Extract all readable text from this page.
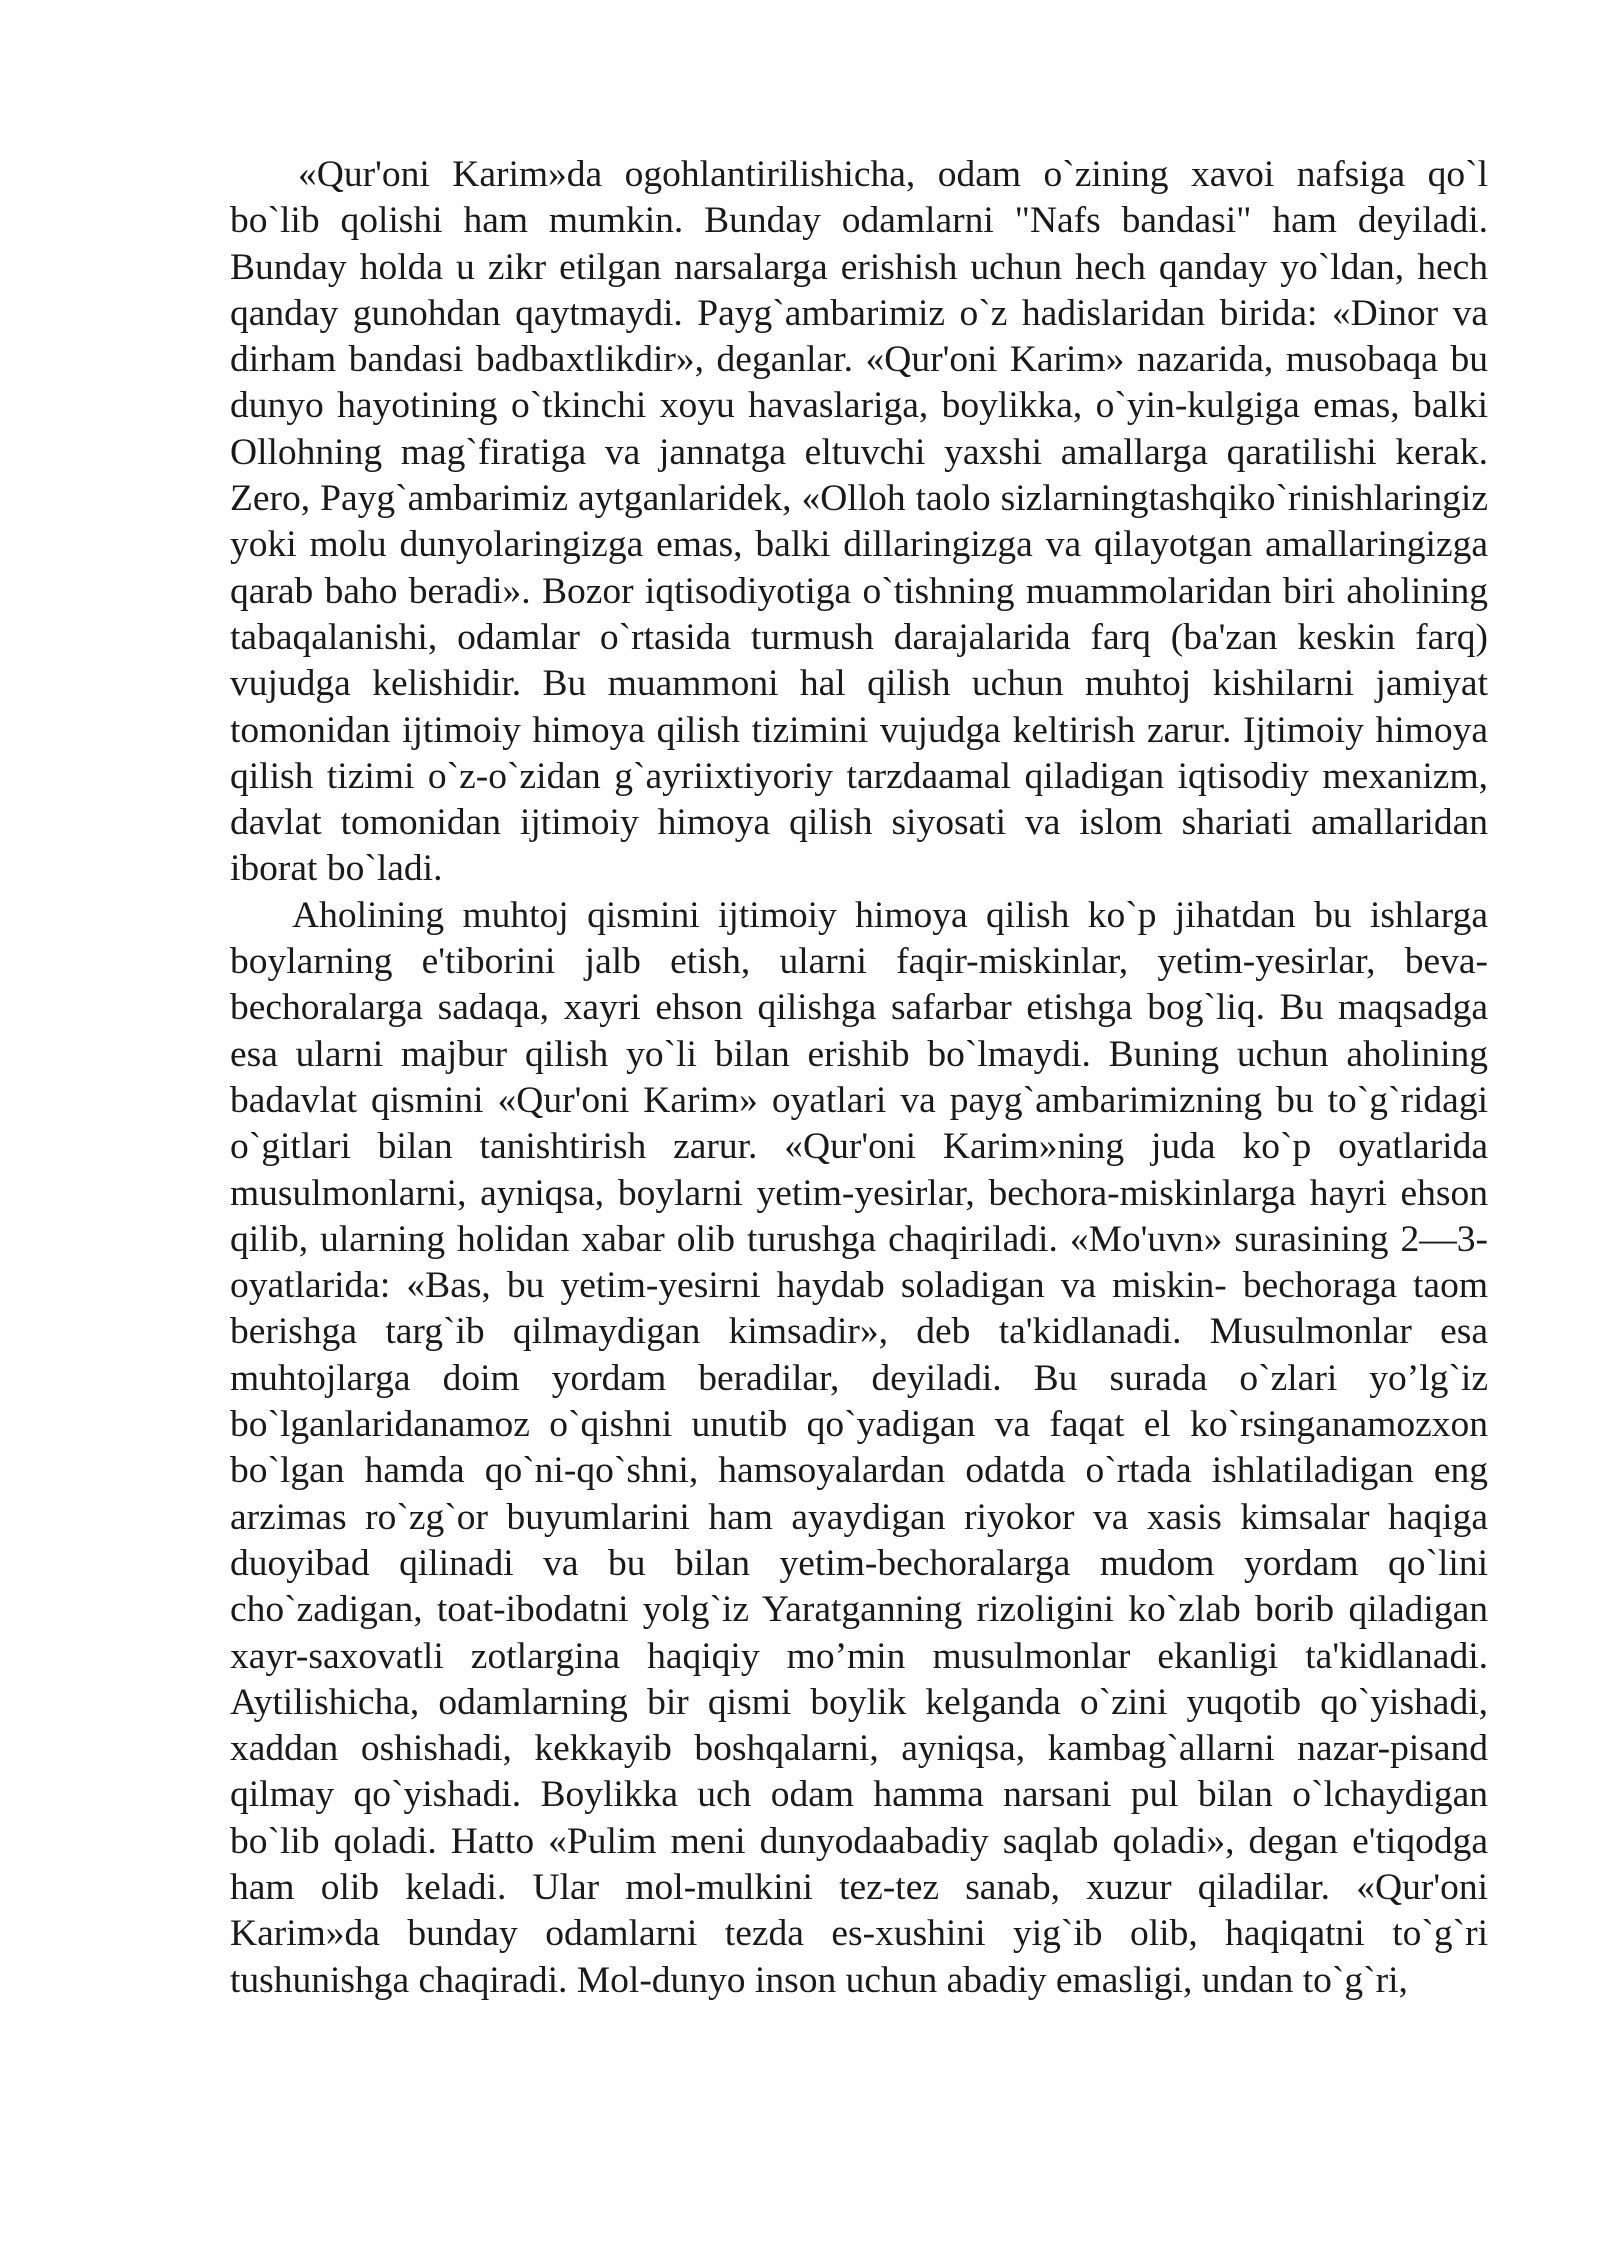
«Qur'oni Karim»da ogohlantirilishicha, odam o`zining xavoi nafsiga qo`l bo`lib qolishi ham mumkin. Bunday odamlarni "Nafs bandasi" ham deyiladi. Bunday holda u zikr etilgan narsalarga erishish uchun hech qanday yo`ldan, hech qanday gunohdan qaytmaydi. Payg`ambarimiz o`z hadislaridan birida: «Dinor va dirham bandasi badbaxtlikdir», deganlar. «Qur'oni Karim» nazarida, musobaqa bu dunyo hayotining o`tkinchi xoyu havaslariga, boylikka, o`yin-kulgiga emas, balki Ollohning mag`firatiga va jannatga eltuvchi yaxshi amallarga qaratilishi kerak. Zero, Payg`ambarimiz aytganlaridek, «Olloh taolo sizlarningtashqiko`rinishlaringiz yoki molu dunyolaringizga emas, balki dillaringizga va qilayotgan amallaringizga qarab baho beradi». Bozor iqtisodiyotiga o`tishning muammolaridan biri aholining tabaqalanishi, odamlar o`rtasida turmush darajalarida farq (ba'zan keskin farq) vujudga kelishidir. Bu muammoni hal qilish uchun muhtoj kishilarni jamiyat tomonidan ijtimoiy himoya qilish tizimini vujudga keltirish zarur. Ijtimoiy himoya qilish tizimi o`z-o`zidan g`ayriixtiyoriy tarzdaamal qiladigan iqtisodiy mexanizm, davlat tomonidan ijtimoiy himoya qilish siyosati va islom shariati amallaridan iborat bo`ladi.

Aholining muhtoj qismini ijtimoiy himoya qilish ko`p jihatdan bu ishlarga boylarning e'tiborini jalb etish, ularni faqir-miskinlar, yetim-yesirlar, beva-bechoralarga sadaqa, xayri ehson qilishga safarbar etishga bog`liq. Bu maqsadga esa ularni majbur qilish yo`li bilan erishib bo`lmaydi. Buning uchun aholining badavlat qismini «Qur'oni Karim» oyatlari va payg`ambarimizning bu to`g`ridagi o`gitlari bilan tanishtirish zarur. «Qur'oni Karim»ning juda ko`p oyatlarida musulmonlarni, ayniqsa, boylarni yetim-yesirlar, bechora-miskinlarga hayri ehson qilib, ularning holidan xabar olib turushga chaqiriladi. «Mo'uvn» surasining 2—3-oyatlarida: «Bas, bu yetim-yesirni haydab soladigan va miskin- bechoraga taom berishga targ`ib qilmaydigan kimsadir», deb ta'kidlanadi. Musulmonlar esa muhtojlarga doim yordam beradilar, deyiladi. Bu surada o`zlari yo’lg`iz bo`lganlaridanamoz o`qishni unutib qo`yadigan va faqat el ko`rsinganamozxon bo`lgan hamda qo`ni-qo`shni, hamsoyalardan odatda o`rtada ishlatiladigan eng arzimas ro`zg`or buyumlarini ham ayaydigan riyokor va xasis kimsalar haqiga duoyibad qilinadi va bu bilan yetim-bechoralarga mudom yordam qo`lini cho`zadigan, toat-ibodatni yolg`iz Yaratganning rizoligini ko`zlab borib qiladigan xayr-saxovatli zotlargina haqiqiy mo’min musulmonlar ekanligi ta'kidlanadi. Aytilishicha, odamlarning bir qismi boylik kelganda o`zini yuqotib qo`yishadi, xaddan oshishadi, kekkayib boshqalarni, ayniqsa, kambag`allarni nazar-pisand qilmay qo`yishadi. Boylikka uch odam hamma narsani pul bilan o`lchaydigan bo`lib qoladi. Hatto «Pulim meni dunyodaabadiy saqlab qoladi», degan e'tiqodga ham olib keladi. Ular mol-mulkini tez-tez sanab, xuzur qiladilar. «Qur'oni Karim»da bunday odamlarni tezda es-xushini yig`ib olib, haqiqatni to`g`ri tushunishga chaqiradi. Mol-dunyo inson uchun abadiy emasligi, undan to`g`ri,
